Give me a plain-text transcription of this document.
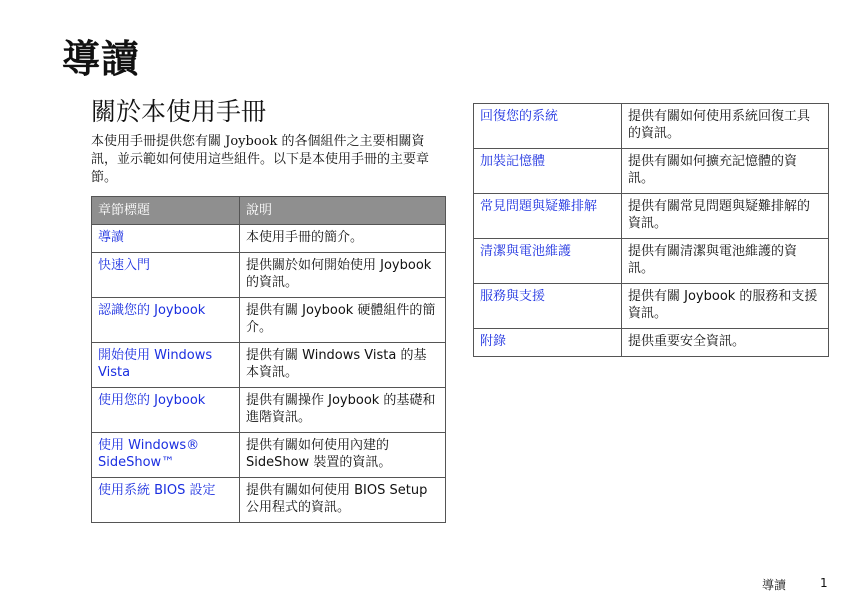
導讀
關於本使用手冊
本使用手冊提供您有關 Joybook 的各個組件之主要相關資訊，並示範如何使用這些組件。以下是本使用手冊的主要章節。
章節標題	說明
導讀	本使用手冊的簡介。
快速入門	提供關於如何開始使用 Joybook 的資訊。
認識您的 Joybook	提供有關 Joybook 硬體組件的簡介。
開始使用 Windows Vista	提供有關 Windows Vista 的基本資訊。
使用您的 Joybook	提供有關操作 Joybook 的基礎和進階資訊。
使用 Windows® SideShow™	提供有關如何使用內建的 SideShow 裝置的資訊。
使用系統 BIOS 設定	提供有關如何使用 BIOS Setup 公用程式的資訊。
回復您的系統	提供有關如何使用系統回復工具的資訊。
加裝記憶體	提供有關如何擴充記憶體的資訊。
常見問題與疑難排解	提供有關常見問題與疑難排解的資訊。
清潔與電池維護	提供有關清潔與電池維護的資訊。
服務與支援	提供有關 Joybook 的服務和支援資訊。
附錄	提供重要安全資訊。
導讀	1
